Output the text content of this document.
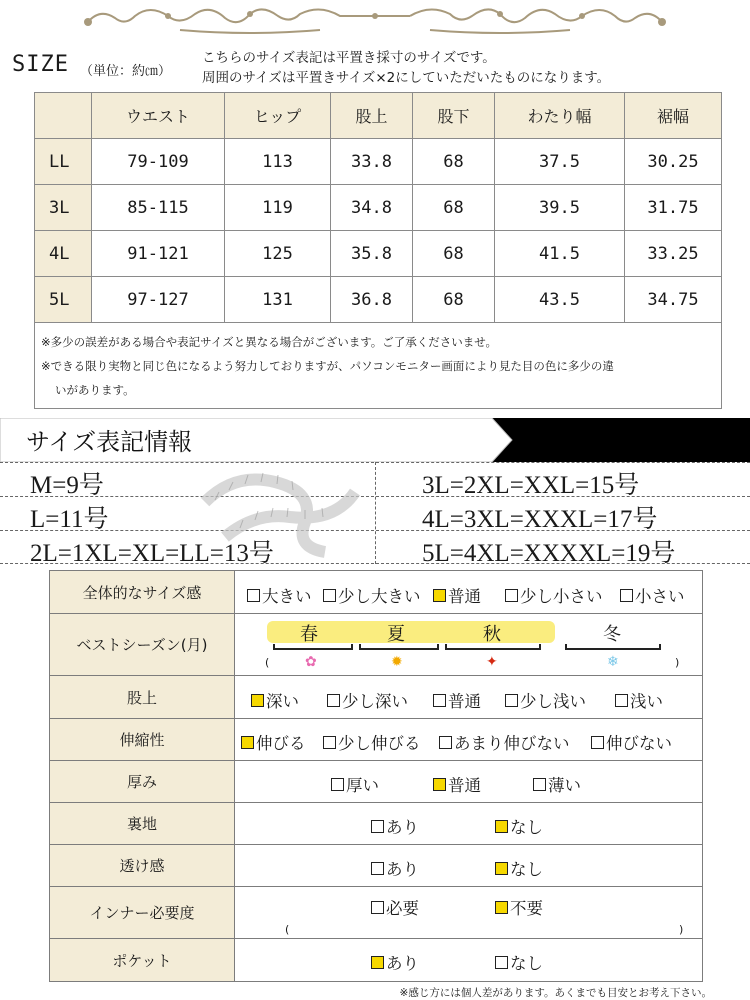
SIZE （単位：約㎝）
こちらのサイズ表記は平置き採寸のサイズです。
周囲のサイズは平置きサイズ×2にしていただいたものになります。
	ウエスト	ヒップ	股上	股下	わたり幅	裾幅
LL	79-109	113	33.8	68	37.5	30.25
3L	85-115	119	34.8	68	39.5	31.75
4L	91-121	125	35.8	68	41.5	33.25
5L	97-127	131	36.8	68	43.5	34.75
※多少の誤差がある場合や表記サイズと異なる場合がございます。ご了承くださいませ。
※できる限り実物と同じ色になるよう努力しておりますが、パソコンモニター画面により見た目の色に多少の違
いがあります。						
サイズ表記情報
M=9号
L=11号
2L=1XL=XL=LL=13号
3L=2XL=XXL=15号
4L=3XL=XXXL=17号
5L=4XL=XXXXL=19号
全体的なサイズ感	大きい 少し大きい 普通 少し小さい 小さい
ベストシーズン(月)	春	夏	秋	冬
(	)
✿	✹	✦	❄
股上	深い	少し深い 普通 少し浅い	浅い
伸縮性	伸びる 少し伸びる あまり伸びない 伸びない
厚み	厚い	普通	薄い
裏地	あり	なし
透け感	あり	なし
インナー必要度	必要	不要
(	)
ポケット	あり	なし
※感じ方には個人差があります。あくまでも目安とお考え下さい。
